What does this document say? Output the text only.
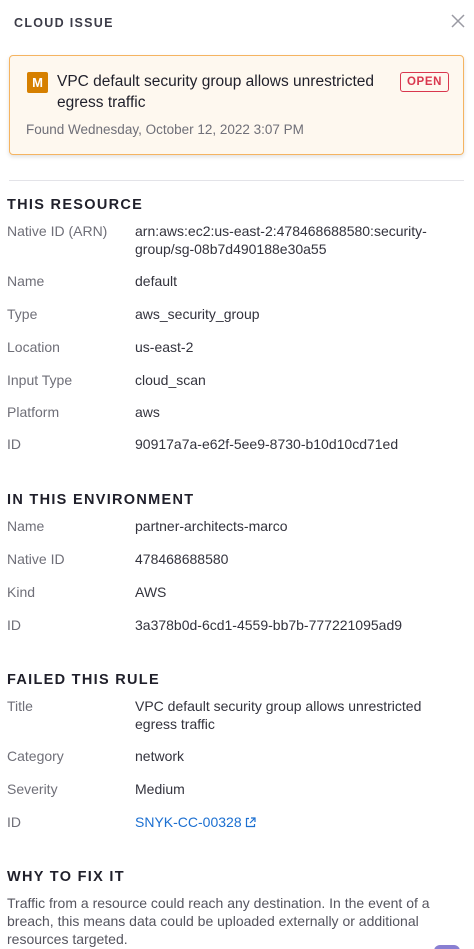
CLOUD ISSUE
M VPC default security group allows unrestricted egress traffic
OPEN
Found Wednesday, October 12, 2022 3:07 PM
THIS RESOURCE
Native ID (ARN) arn:aws:ec2:us-east-2:478468688580:security-group/sg-08b7d490188e30a55
Name	default
Type	aws_security_group
Location	us-east-2
Input Type	cloud_scan
Platform	aws
ID	90917a7a-e62f-5ee9-8730-b10d10cd71ed
IN THIS ENVIRONMENT
Name	partner-architects-marco
Native ID	478468688580
Kind	AWS
ID	3a378b0d-6cd1-4559-bb7b-777221095ad9
FAILED THIS RULE
Title	VPC default security group allows unrestricted egress traffic
Category	network
Severity	Medium
ID	SNYK-CC-00328
WHY TO FIX IT
Traffic from a resource could reach any destination. In the event of a breach, this means data could be uploaded externally or additional resources targeted.
